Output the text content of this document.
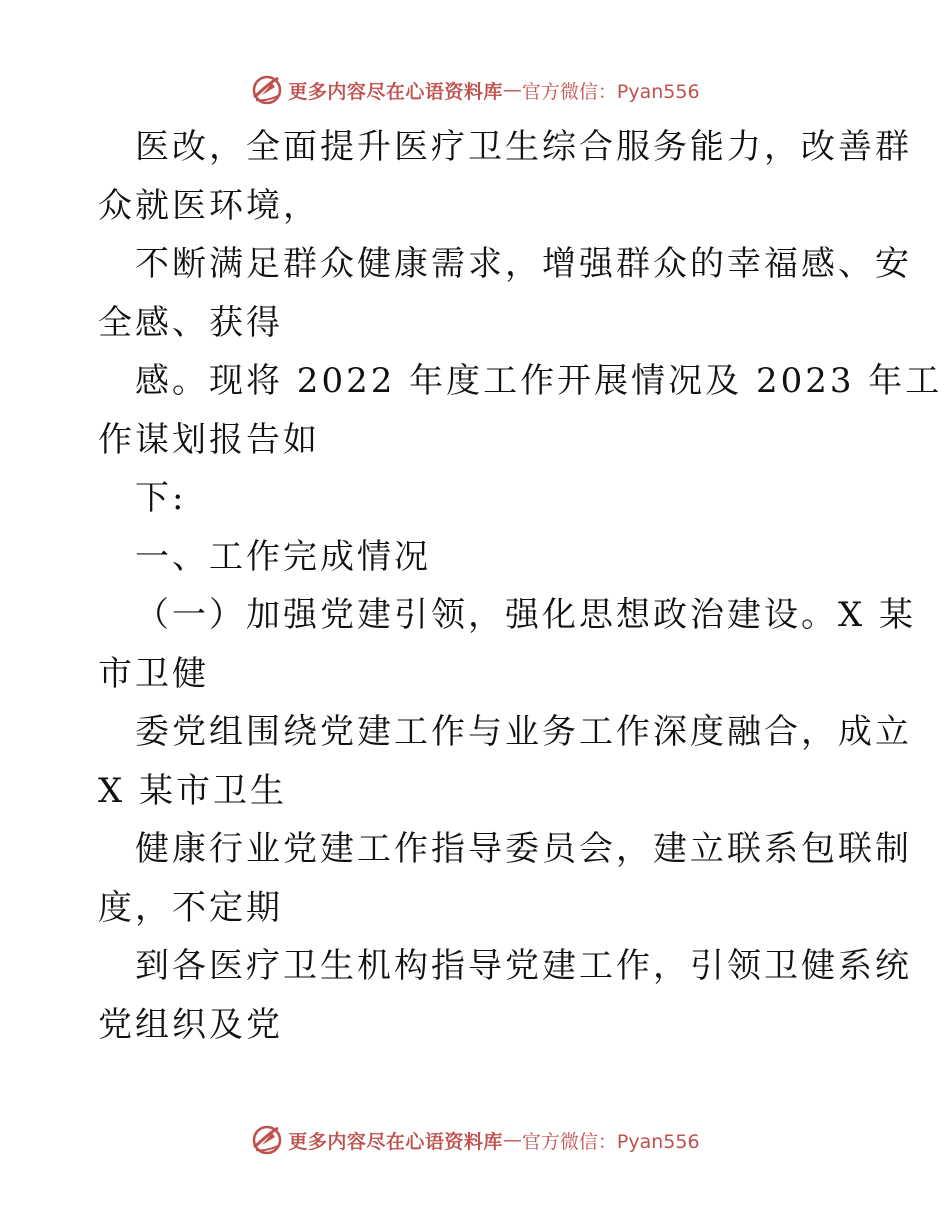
更多内容尽在心语资料库 — 官方微信：Pyan556
医改，全面提升医疗卫生综合服务能力，改善群
众就医环境，
不断满足群众健康需求，增强群众的幸福感、安
全感、获得
感。现将 2022 年度工作开展情况及 2023 年工
作谋划报告如
下:
一、工作完成情况
（一）加强党建引领，强化思想政治建设。X 某
市卫健
委党组围绕党建工作与业务工作深度融合，成立
X 某市卫生
健康行业党建工作指导委员会，建立联系包联制
度，不定期
到各医疗卫生机构指导党建工作，引领卫健系统
党组织及党
更多内容尽在心语资料库 — 官方微信：Pyan556
